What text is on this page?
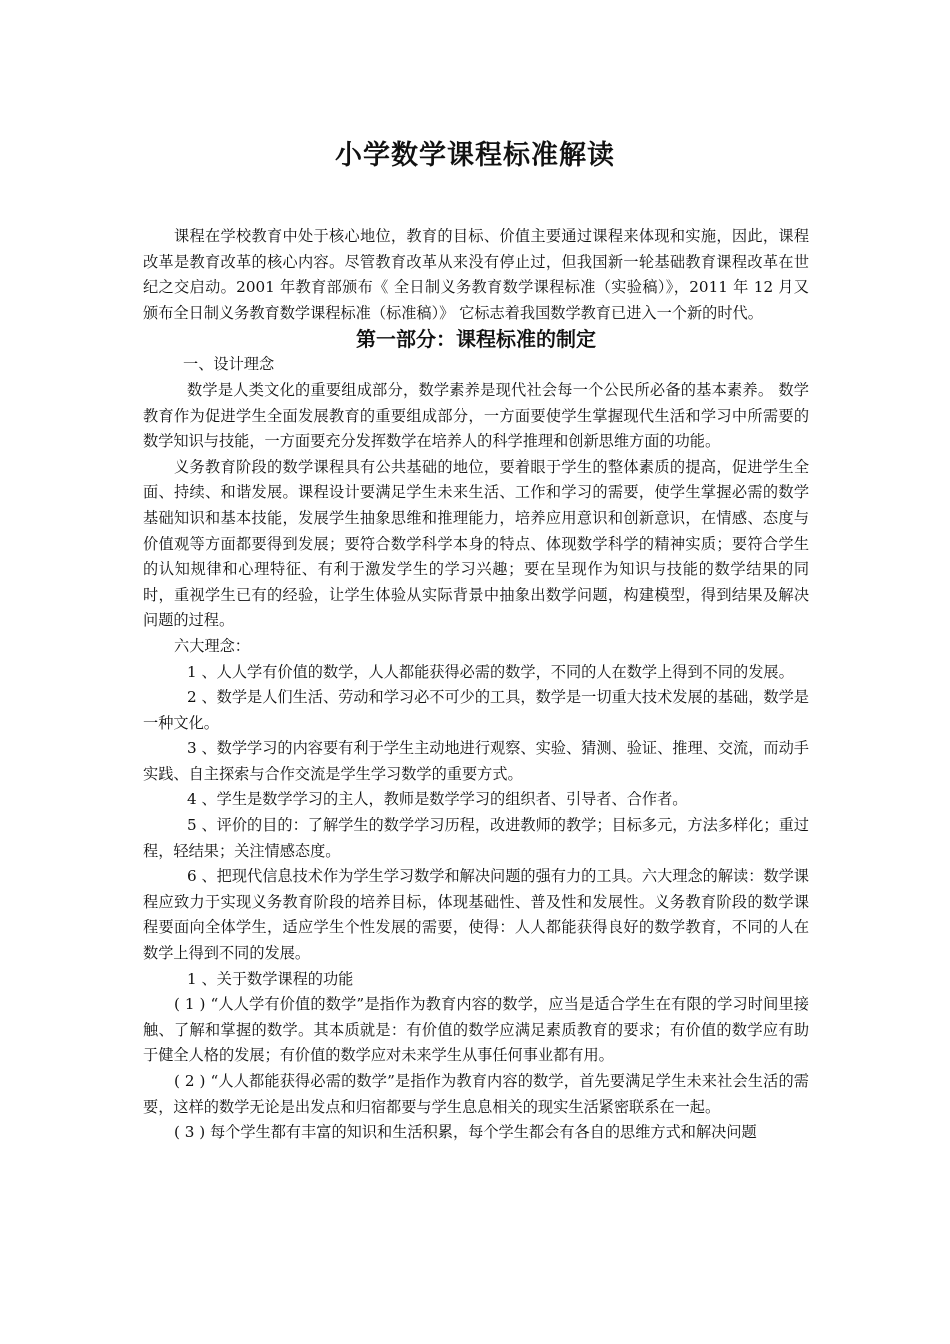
小学数学课程标准解读

课程在学校教育中处于核心地位，教育的目标、价值主要通过课程来体现和实施，因此，课程改革是教育改革的核心内容。尽管教育改革从来没有停止过，但我国新一轮基础教育课程改革在世纪之交启动。2001 年教育部颁布《 全日制义务教育数学课程标准（实验稿）》，2011 年 12 月又颁布全日制义务教育数学课程标准（标准稿）》 它标志着我国数学教育已进入一个新的时代。

第一部分：课程标准的制定

一、设计理念

数学是人类文化的重要组成部分，数学素养是现代社会每一个公民所必备的基本素养。 数学教育作为促进学生全面发展教育的重要组成部分，一方面要使学生掌握现代生活和学习中所需要的数学知识与技能，一方面要充分发挥数学在培养人的科学推理和创新思维方面的功能。

义务教育阶段的数学课程具有公共基础的地位，要着眼于学生的整体素质的提高，促进学生全面、持续、和谐发展。课程设计要满足学生未来生活、工作和学习的需要，使学生掌握必需的数学基础知识和基本技能，发展学生抽象思维和推理能力，培养应用意识和创新意识，在情感、态度与价值观等方面都要得到发展；要符合数学科学本身的特点、体现数学科学的精神实质；要符合学生的认知规律和心理特征、有利于激发学生的学习兴趣；要在呈现作为知识与技能的数学结果的同时，重视学生已有的经验，让学生体验从实际背景中抽象出数学问题，构建模型，得到结果及解决问题的过程。

六大理念：

1 、人人学有价值的数学，人人都能获得必需的数学，不同的人在数学上得到不同的发展。

2 、数学是人们生活、劳动和学习必不可少的工具，数学是一切重大技术发展的基础，数学是一种文化。

3 、数学学习的内容要有利于学生主动地进行观察、实验、猜测、验证、推理、交流，而动手实践、自主探索与合作交流是学生学习数学的重要方式。

4 、学生是数学学习的主人，教师是数学学习的组织者、引导者、合作者。

5 、评价的目的：了解学生的数学学习历程，改进教师的教学；目标多元，方法多样化；重过程，轻结果；关注情感态度。

6 、把现代信息技术作为学生学习数学和解决问题的强有力的工具。六大理念的解读：数学课程应致力于实现义务教育阶段的培养目标，体现基础性、普及性和发展性。义务教育阶段的数学课程要面向全体学生，适应学生个性发展的需要，使得：人人都能获得良好的数学教育，不同的人在数学上得到不同的发展。

1 、关于数学课程的功能

( 1 ) “人人学有价值的数学”是指作为教育内容的数学，应当是适合学生在有限的学习时间里接触、了解和掌握的数学。其本质就是：有价值的数学应满足素质教育的要求；有价值的数学应有助于健全人格的发展；有价值的数学应对未来学生从事任何事业都有用。

( 2 ) “人人都能获得必需的数学”是指作为教育内容的数学，首先要满足学生未来社会生活的需要，这样的数学无论是出发点和归宿都要与学生息息相关的现实生活紧密联系在一起。

( 3 ) 每个学生都有丰富的知识和生活积累，每个学生都会有各自的思维方式和解决问题
